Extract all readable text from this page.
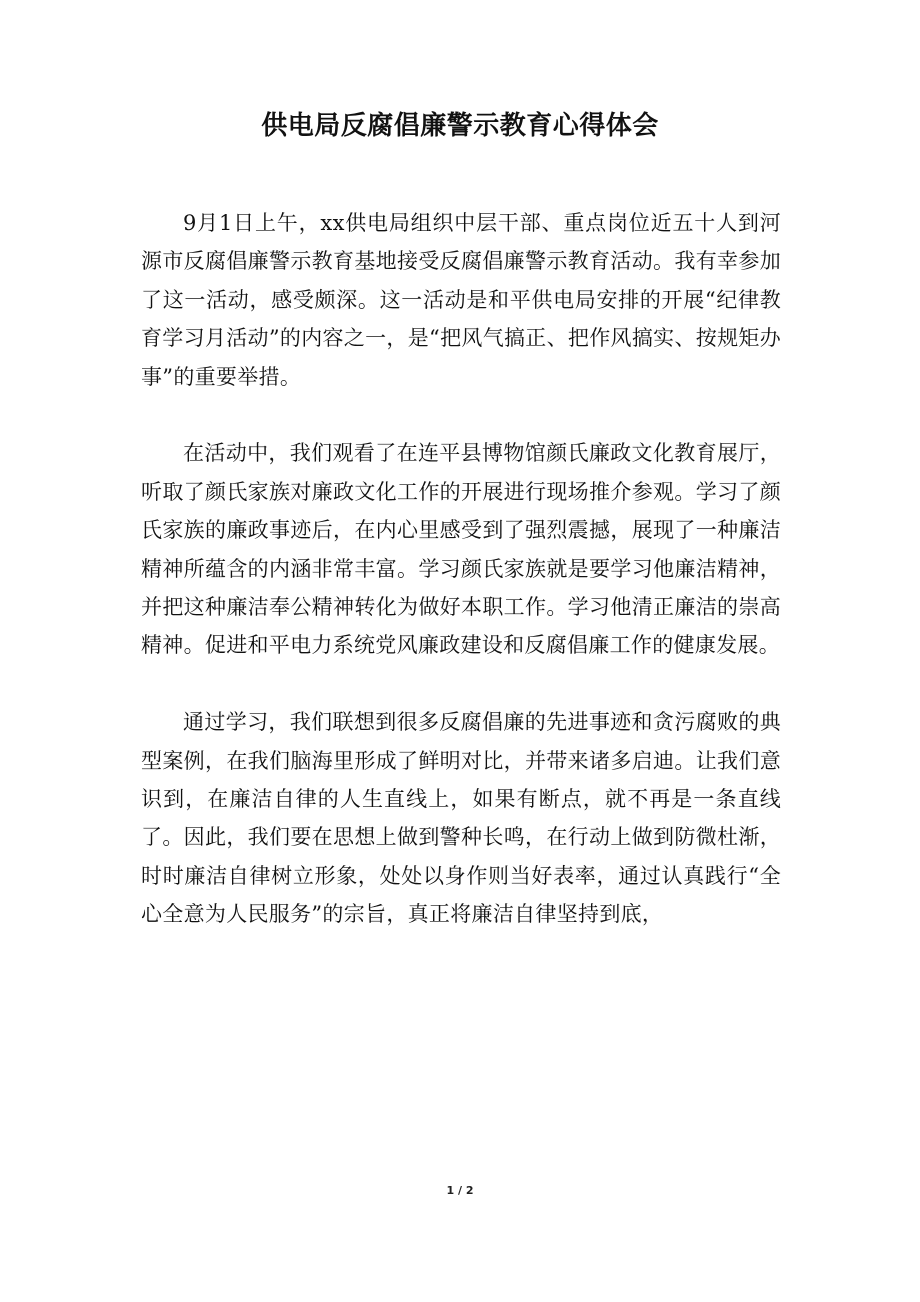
供电局反腐倡廉警示教育心得体会

9月1日上午，xx供电局组织中层干部、重点岗位近五十人到河源市反腐倡廉警示教育基地接受反腐倡廉警示教育活动。我有幸参加了这一活动，感受颇深。这一活动是和平供电局安排的开展“纪律教育学习月活动”的内容之一，是“把风气搞正、把作风搞实、按规矩办事”的重要举措。

在活动中，我们观看了在连平县博物馆颜氏廉政文化教育展厅，听取了颜氏家族对廉政文化工作的开展进行现场推介参观。学习了颜氏家族的廉政事迹后，在内心里感受到了强烈震撼，展现了一种廉洁精神所蕴含的内涵非常丰富。学习颜氏家族就是要学习他廉洁精神，并把这种廉洁奉公精神转化为做好本职工作。学习他清正廉洁的崇高精神。促进和平电力系统党风廉政建设和反腐倡廉工作的健康发展。

通过学习，我们联想到很多反腐倡廉的先进事迹和贪污腐败的典型案例，在我们脑海里形成了鲜明对比，并带来诸多启迪。让我们意识到，在廉洁自律的人生直线上，如果有断点，就不再是一条直线了。因此，我们要在思想上做到警种长鸣，在行动上做到防微杜渐，时时廉洁自律树立形象，处处以身作则当好表率，通过认真践行“全心全意为人民服务”的宗旨，真正将廉洁自律坚持到底，

1 / 2
